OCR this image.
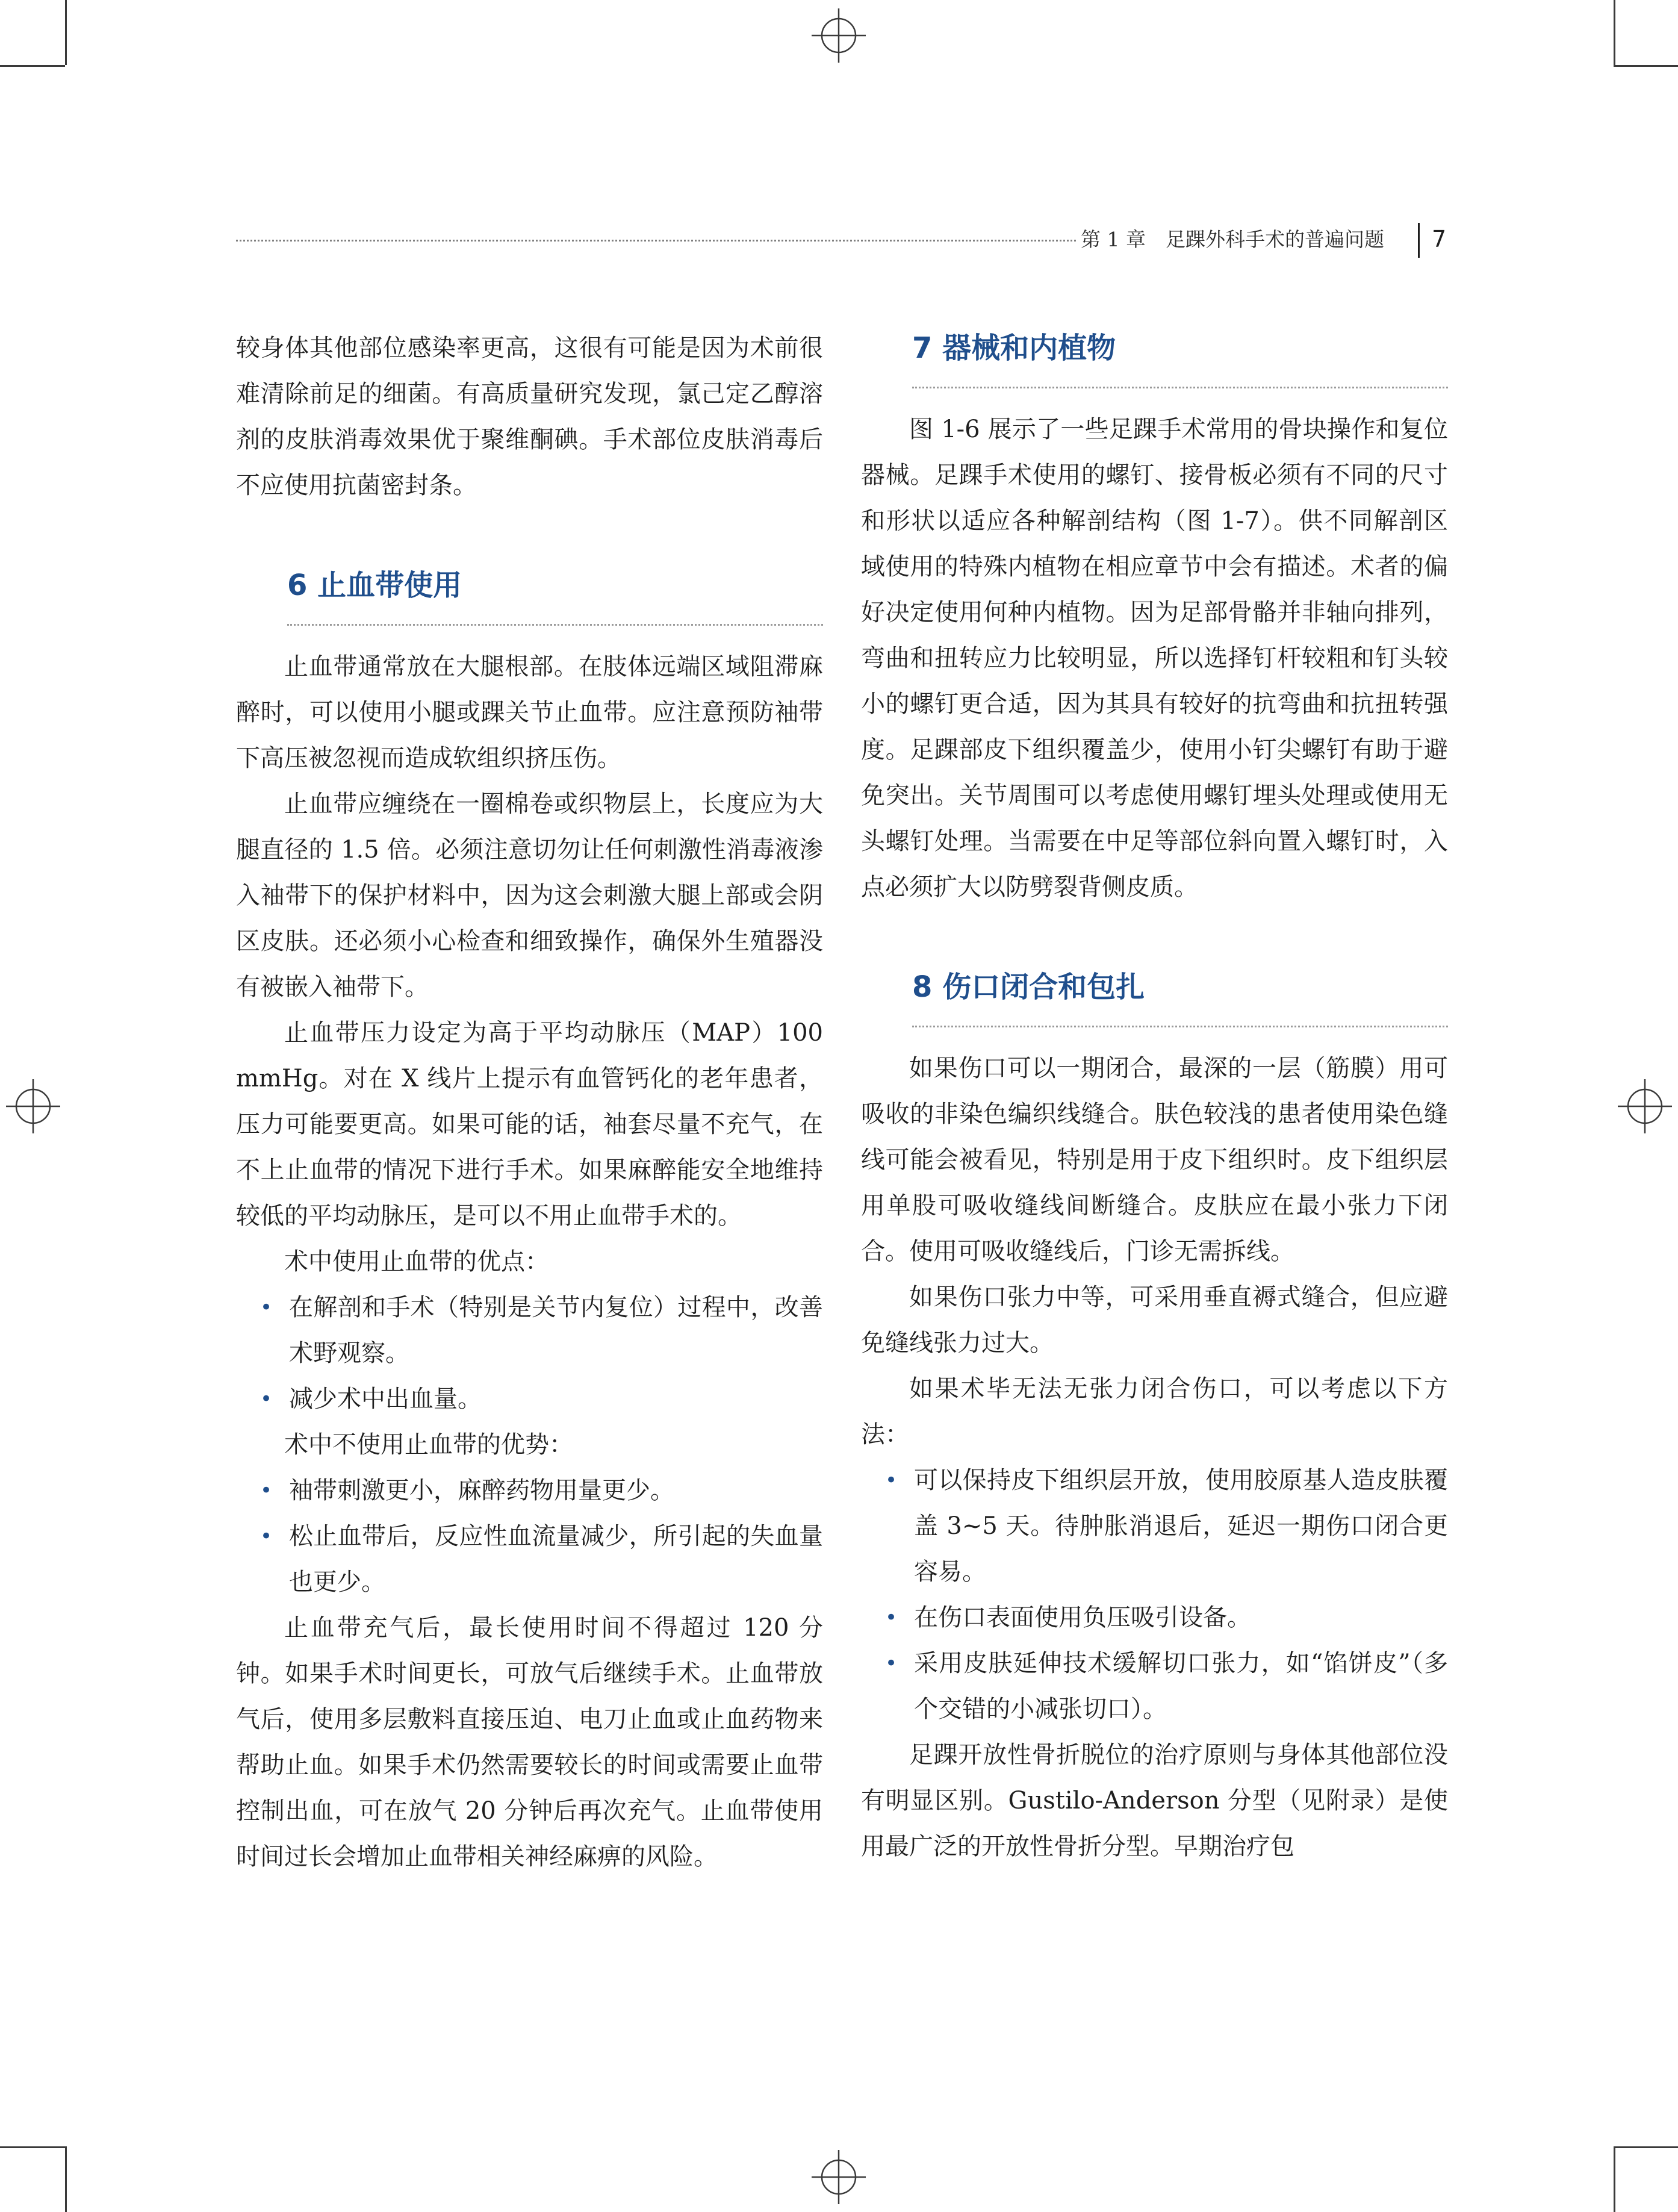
第 1 章　足踝外科手术的普遍问题 7

较身体其他部位感染率更高，这很有可能是因为术前很难清除前足的细菌。有高质量研究发现，氯己定乙醇溶剂的皮肤消毒效果优于聚维酮碘。手术部位皮肤消毒后不应使用抗菌密封条。

6 止血带使用

止血带通常放在大腿根部。在肢体远端区域阻滞麻醉时，可以使用小腿或踝关节止血带。应注意预防袖带下高压被忽视而造成软组织挤压伤。

止血带应缠绕在一圈棉卷或织物层上，长度应为大腿直径的 1.5 倍。必须注意切勿让任何刺激性消毒液渗入袖带下的保护材料中，因为这会刺激大腿上部或会阴区皮肤。还必须小心检查和细致操作，确保外生殖器没有被嵌入袖带下。

止血带压力设定为高于平均动脉压（MAP）100 mmHg。对在 X 线片上提示有血管钙化的老年患者，压力可能要更高。如果可能的话，袖套尽量不充气，在不上止血带的情况下进行手术。如果麻醉能安全地维持较低的平均动脉压，是可以不用止血带手术的。

术中使用止血带的优点：

• 在解剖和手术（特别是关节内复位）过程中，改善术野观察。
• 减少术中出血量。

术中不使用止血带的优势：

• 袖带刺激更小，麻醉药物用量更少。
• 松止血带后，反应性血流量减少，所引起的失血量也更少。

止血带充气后，最长使用时间不得超过 120 分钟。如果手术时间更长，可放气后继续手术。止血带放气后，使用多层敷料直接压迫、电刀止血或止血药物来帮助止血。如果手术仍然需要较长的时间或需要止血带控制出血，可在放气 20 分钟后再次充气。止血带使用时间过长会增加止血带相关神经麻痹的风险。

7 器械和内植物

图 1-6 展示了一些足踝手术常用的骨块操作和复位器械。足踝手术使用的螺钉、接骨板必须有不同的尺寸和形状以适应各种解剖结构（图 1-7）。供不同解剖区域使用的特殊内植物在相应章节中会有描述。术者的偏好决定使用何种内植物。因为足部骨骼并非轴向排列，弯曲和扭转应力比较明显，所以选择钉杆较粗和钉头较小的螺钉更合适，因为其具有较好的抗弯曲和抗扭转强度。足踝部皮下组织覆盖少，使用小钉尖螺钉有助于避免突出。关节周围可以考虑使用螺钉埋头处理或使用无头螺钉处理。当需要在中足等部位斜向置入螺钉时，入点必须扩大以防劈裂背侧皮质。

8 伤口闭合和包扎

如果伤口可以一期闭合，最深的一层（筋膜）用可吸收的非染色编织线缝合。肤色较浅的患者使用染色缝线可能会被看见，特别是用于皮下组织时。皮下组织层用单股可吸收缝线间断缝合。皮肤应在最小张力下闭合。使用可吸收缝线后，门诊无需拆线。

如果伤口张力中等，可采用垂直褥式缝合，但应避免缝线张力过大。

如果术毕无法无张力闭合伤口，可以考虑以下方法：

• 可以保持皮下组织层开放，使用胶原基人造皮肤覆盖 3~5 天。待肿胀消退后，延迟一期伤口闭合更容易。
• 在伤口表面使用负压吸引设备。
• 采用皮肤延伸技术缓解切口张力，如“馅饼皮”（多个交错的小减张切口）。

足踝开放性骨折脱位的治疗原则与身体其他部位没有明显区别。Gustilo-Anderson 分型（见附录）是使用最广泛的开放性骨折分型。早期治疗包
